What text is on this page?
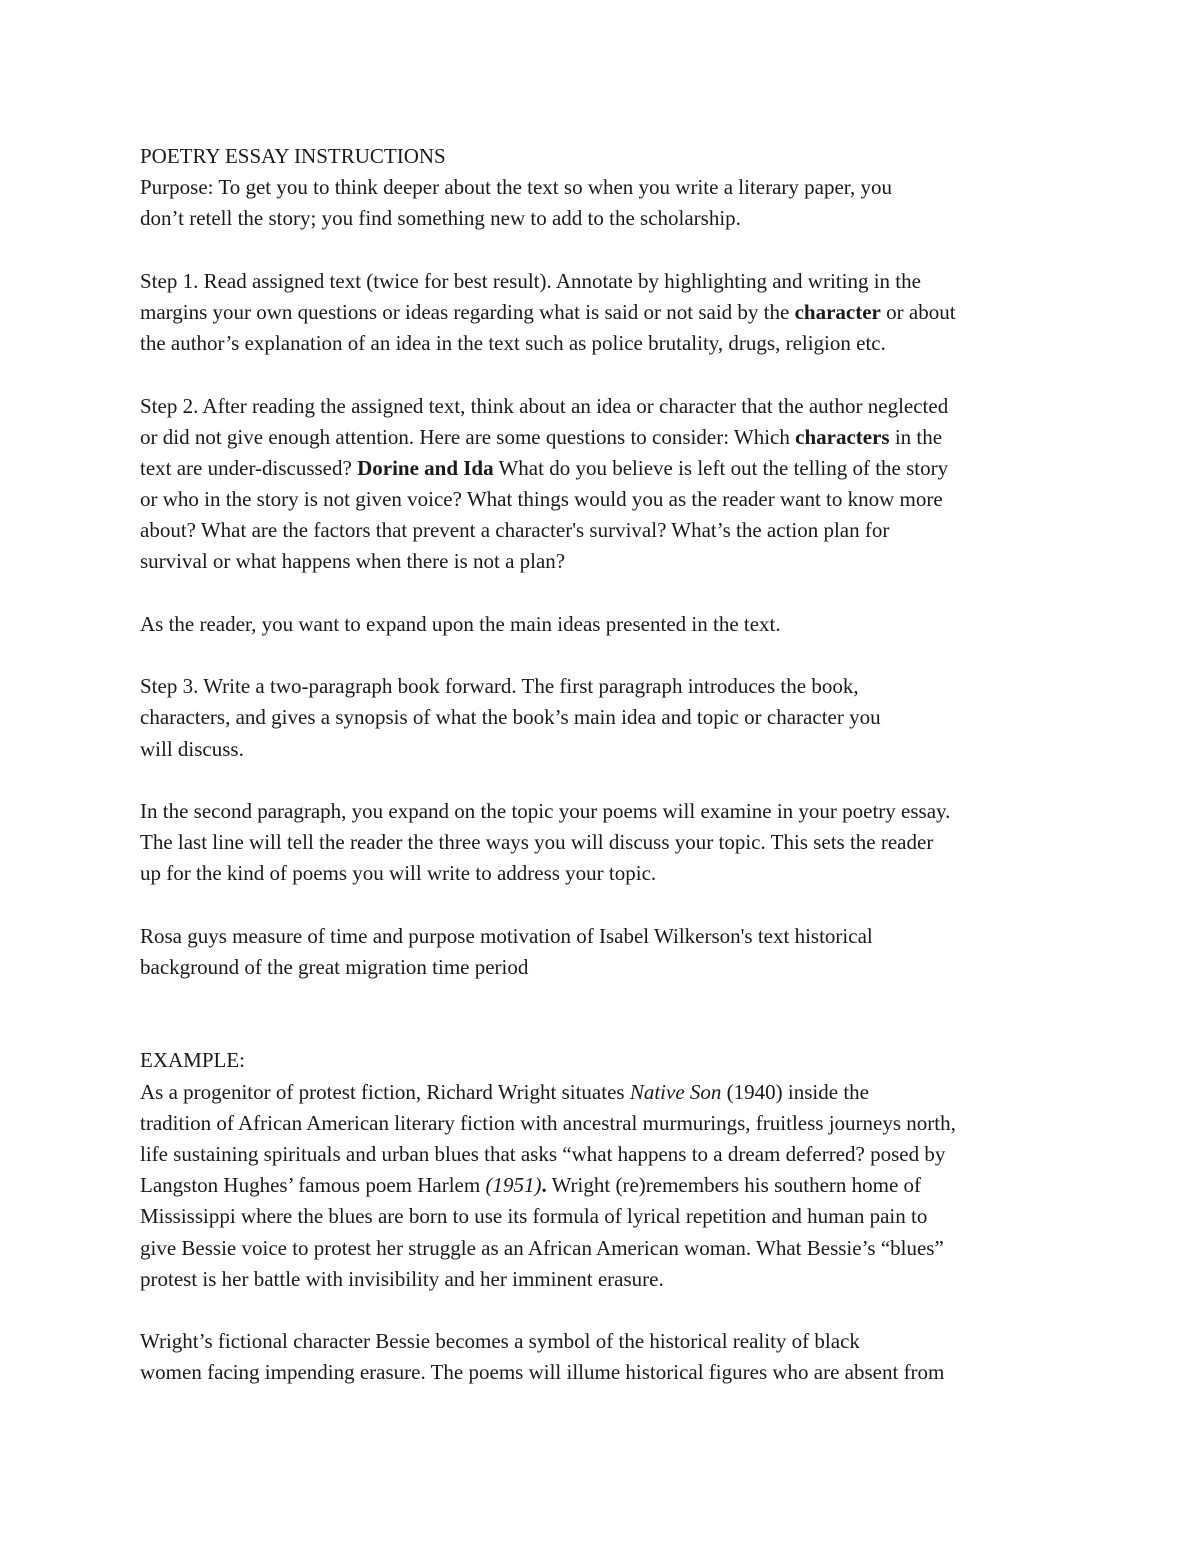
POETRY ESSAY INSTRUCTIONS
Purpose: To get you to think deeper about the text so when you write a literary paper, you
don’t retell the story; you find something new to add to the scholarship.
Step 1. Read assigned text (twice for best result). Annotate by highlighting and writing in the
margins your own questions or ideas regarding what is said or not said by the character or about
the author’s explanation of an idea in the text such as police brutality, drugs, religion etc.
Step 2. After reading the assigned text, think about an idea or character that the author neglected
or did not give enough attention. Here are some questions to consider: Which characters in the
text are under-discussed? Dorine and Ida What do you believe is left out the telling of the story
or who in the story is not given voice? What things would you as the reader want to know more
about? What are the factors that prevent a character's survival? What’s the action plan for
survival or what happens when there is not a plan?
As the reader, you want to expand upon the main ideas presented in the text.
Step 3. Write a two-paragraph book forward. The first paragraph introduces the book,
characters, and gives a synopsis of what the book’s main idea and topic or character you
will discuss.
In the second paragraph, you expand on the topic your poems will examine in your poetry essay.
The last line will tell the reader the three ways you will discuss your topic. This sets the reader
up for the kind of poems you will write to address your topic.
Rosa guys measure of time and purpose motivation of Isabel Wilkerson's text historical
background of the great migration time period
EXAMPLE:
As a progenitor of protest fiction, Richard Wright situates Native Son (1940) inside the
tradition of African American literary fiction with ancestral murmurings, fruitless journeys north,
life sustaining spirituals and urban blues that asks “what happens to a dream deferred? posed by
Langston Hughes’ famous poem Harlem (1951). Wright (re)remembers his southern home of
Mississippi where the blues are born to use its formula of lyrical repetition and human pain to
give Bessie voice to protest her struggle as an African American woman. What Bessie’s “blues”
protest is her battle with invisibility and her imminent erasure.
Wright’s fictional character Bessie becomes a symbol of the historical reality of black
women facing impending erasure. The poems will illume historical figures who are absent from
